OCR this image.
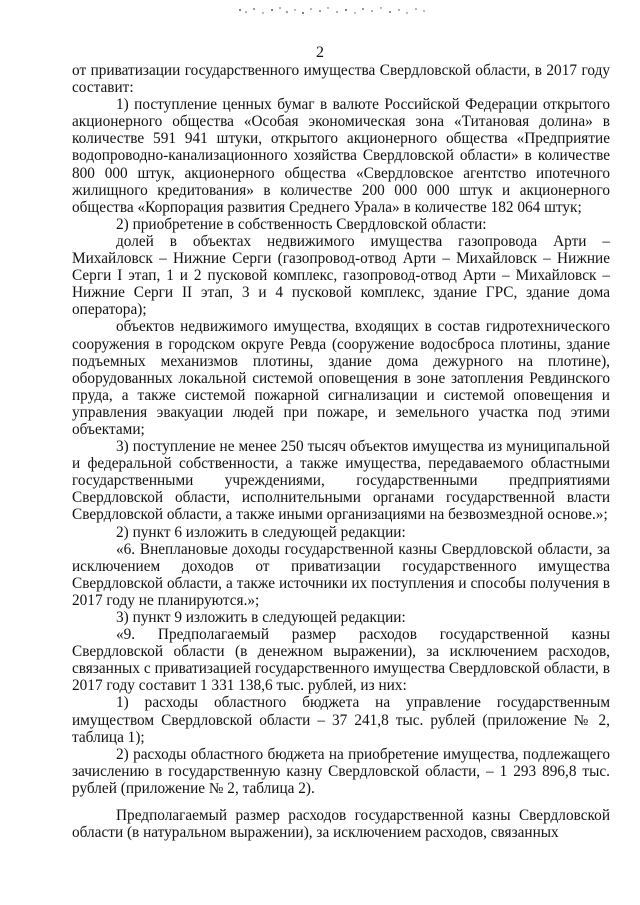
2

от приватизации государственного имущества Свердловской области, в 2017 году составит:

1) поступление ценных бумаг в валюте Российской Федерации открытого акционерного общества «Особая экономическая зона «Титановая долина» в количестве 591 941 штуки, открытого акционерного общества «Предприятие водопроводно-канализационного хозяйства Свердловской области» в количестве 800 000 штук, акционерного общества «Свердловское агентство ипотечного жилищного кредитования» в количестве 200 000 000 штук и акционерного общества «Корпорация развития Среднего Урала» в количестве 182 064 штук;

2) приобретение в собственность Свердловской области:

долей в объектах недвижимого имущества газопровода Арти – Михайловск – Нижние Серги (газопровод-отвод Арти – Михайловск – Нижние Серги I этап, 1 и 2 пусковой комплекс, газопровод-отвод Арти – Михайловск – Нижние Серги II этап, 3 и 4 пусковой комплекс, здание ГРС, здание дома оператора);

объектов недвижимого имущества, входящих в состав гидротехнического сооружения в городском округе Ревда (сооружение водосброса плотины, здание подъемных механизмов плотины, здание дома дежурного на плотине), оборудованных локальной системой оповещения в зоне затопления Ревдинского пруда, а также системой пожарной сигнализации и системой оповещения и управления эвакуации людей при пожаре, и земельного участка под этими объектами;

3) поступление не менее 250 тысяч объектов имущества из муниципальной и федеральной собственности, а также имущества, передаваемого областными государственными учреждениями, государственными предприятиями Свердловской области, исполнительными органами государственной власти Свердловской области, а также иными организациями на безвозмездной основе.»;

2) пункт 6 изложить в следующей редакции:

«6. Внеплановые доходы государственной казны Свердловской области, за исключением доходов от приватизации государственного имущества Свердловской области, а также источники их поступления и способы получения в 2017 году не планируются.»;

3) пункт 9 изложить в следующей редакции:

«9. Предполагаемый размер расходов государственной казны Свердловской области (в денежном выражении), за исключением расходов, связанных с приватизацией государственного имущества Свердловской области, в 2017 году составит 1 331 138,6 тыс. рублей, из них:

1) расходы областного бюджета на управление государственным имуществом Свердловской области – 37 241,8 тыс. рублей (приложение № 2, таблица 1);

2) расходы областного бюджета на приобретение имущества, подлежащего зачислению в государственную казну Свердловской области, – 1 293 896,8 тыс. рублей (приложение № 2, таблица 2).

Предполагаемый размер расходов государственной казны Свердловской области (в натуральном выражении), за исключением расходов, связанных
